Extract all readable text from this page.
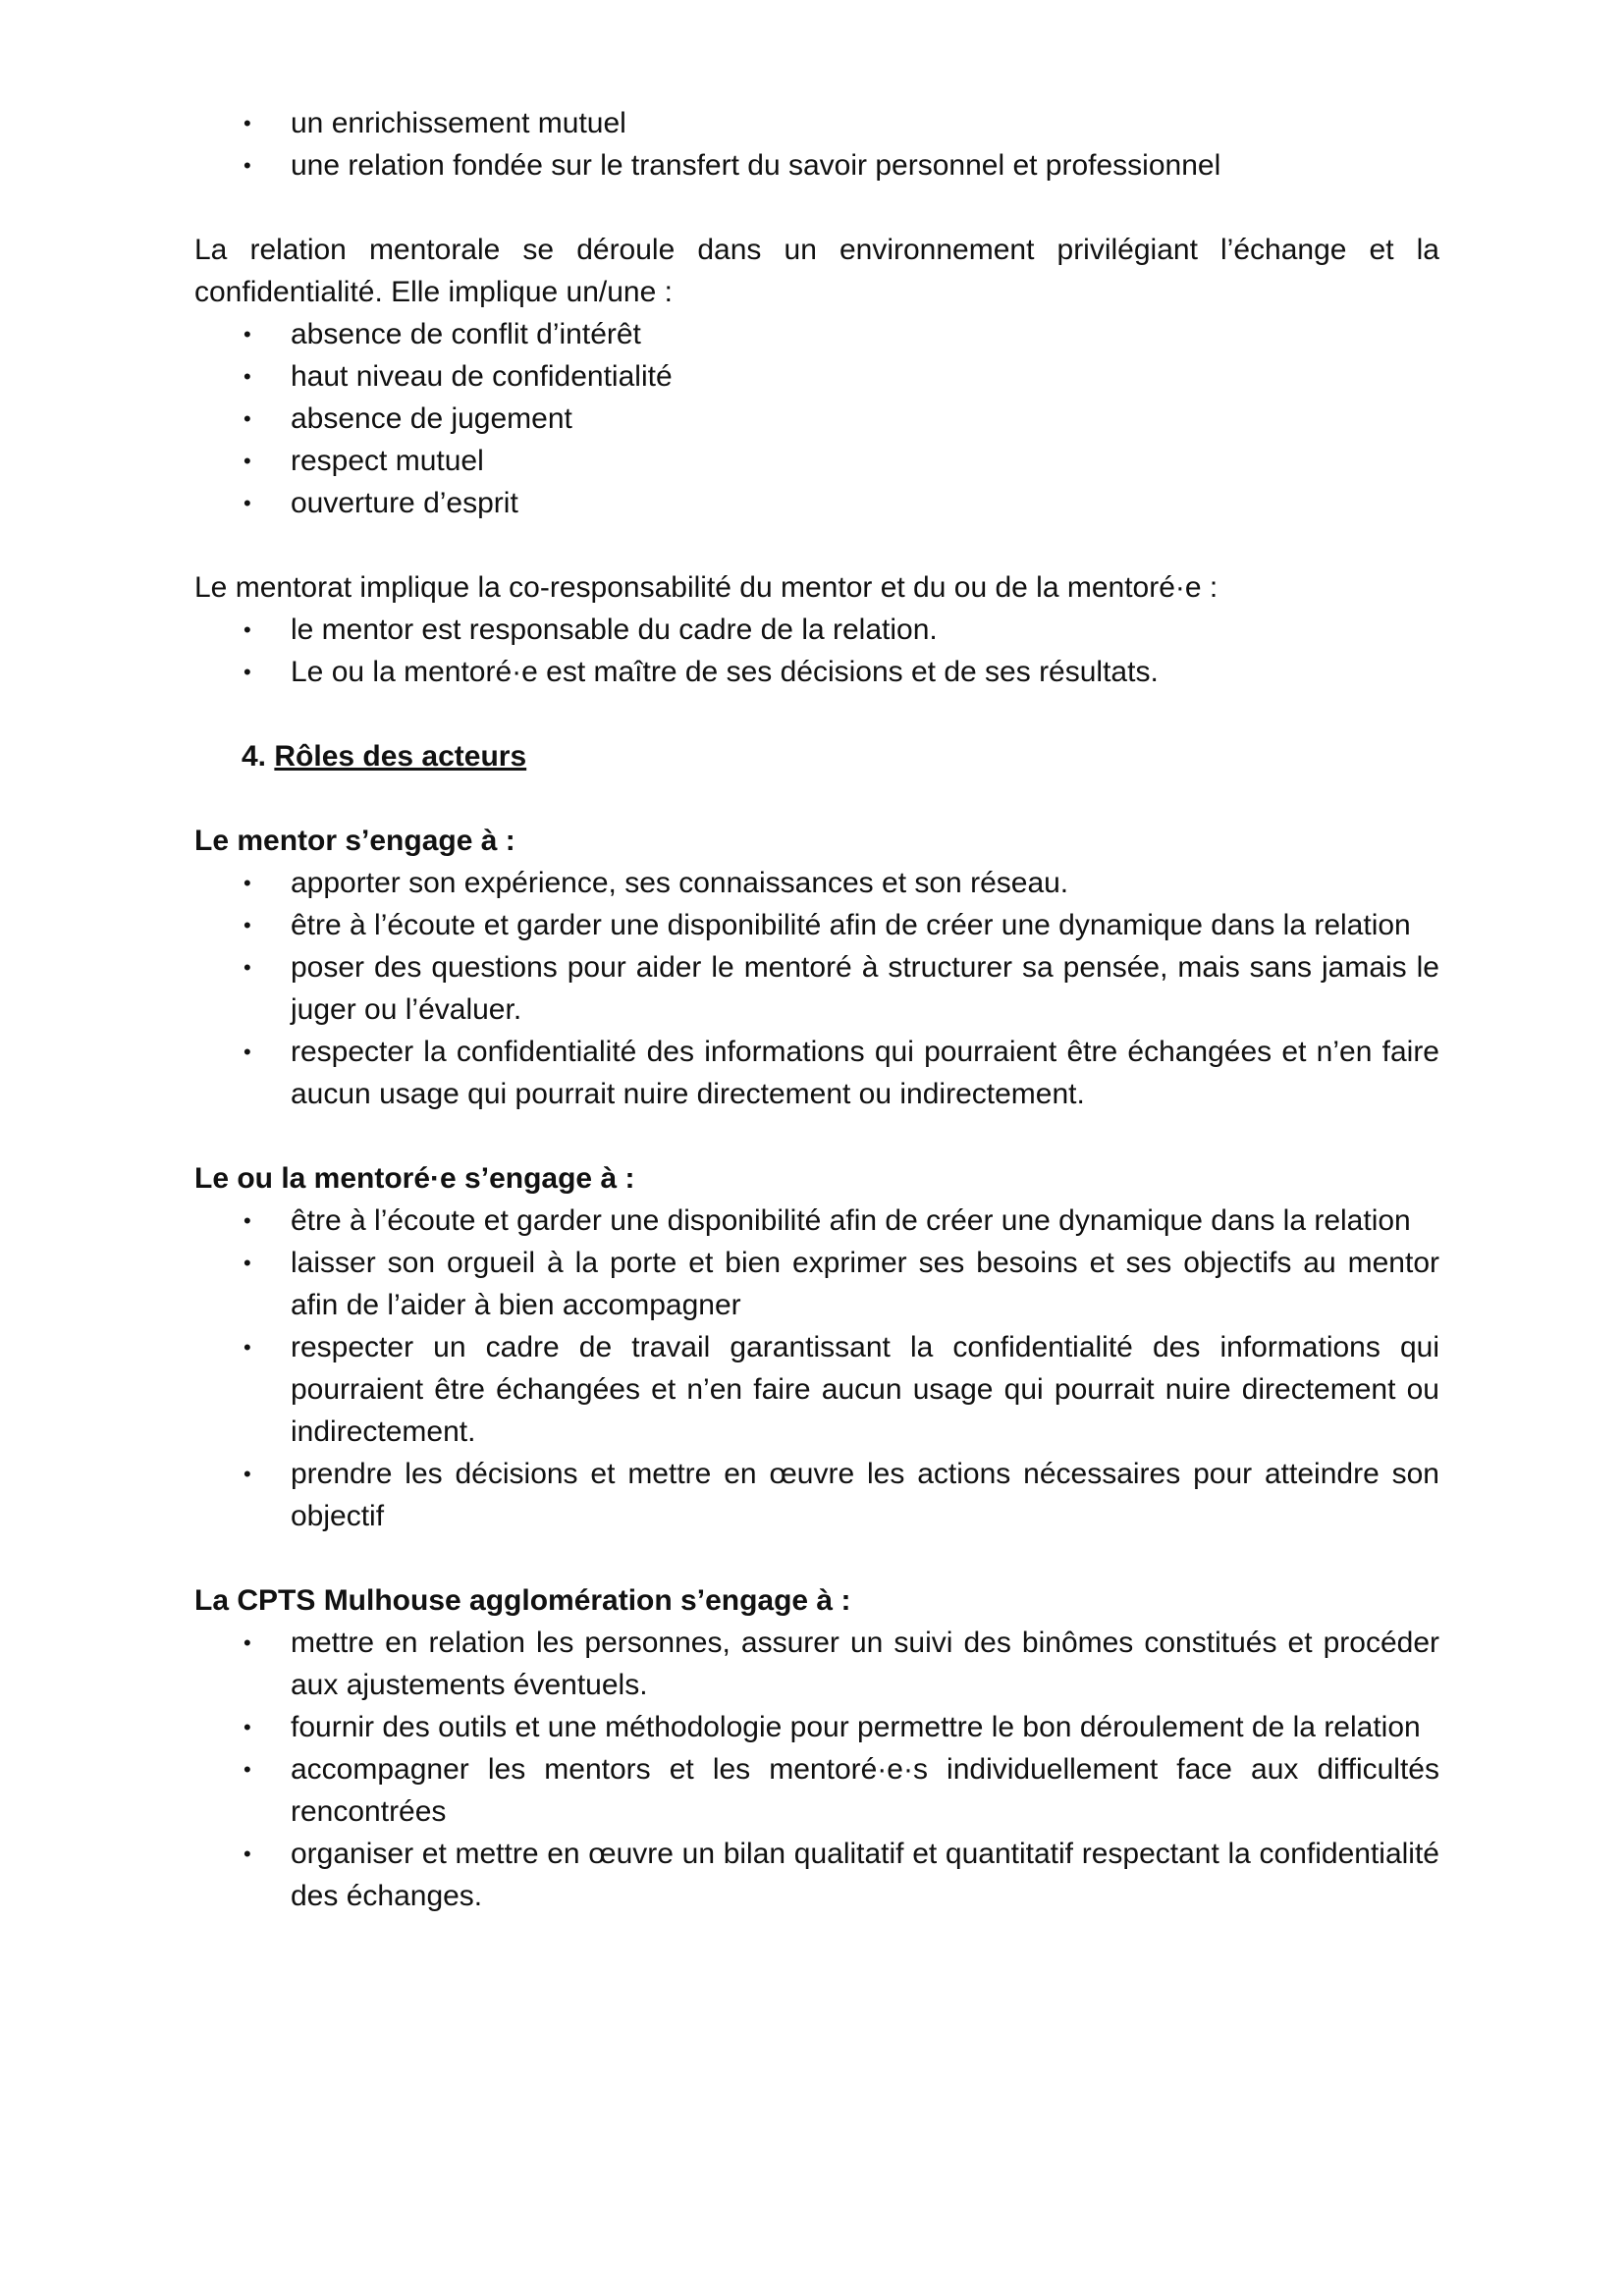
• un enrichissement mutuel
• une relation fondée sur le transfert du savoir personnel et professionnel

La relation mentorale se déroule dans un environnement privilégiant l’échange et la confidentialité. Elle implique un/une :

• absence de conflit d’intérêt
• haut niveau de confidentialité
• absence de jugement
• respect mutuel
• ouverture d’esprit

Le mentorat implique la co-responsabilité du mentor et du ou de la mentoré·e :

• le mentor est responsable du cadre de la relation.
• Le ou la mentoré·e est maître de ses décisions et de ses résultats.

4. Rôles des acteurs

Le mentor s’engage à :

• apporter son expérience, ses connaissances et son réseau.
• être à l’écoute et garder une disponibilité afin de créer une dynamique dans la relation
• poser des questions pour aider le mentoré à structurer sa pensée, mais sans jamais le juger ou l’évaluer.
• respecter la confidentialité des informations qui pourraient être échangées et n’en faire aucun usage qui pourrait nuire directement ou indirectement.

Le ou la mentoré·e s’engage à :

• être à l’écoute et garder une disponibilité afin de créer une dynamique dans la relation
• laisser son orgueil à la porte et bien exprimer ses besoins et ses objectifs au mentor afin de l’aider à bien accompagner
• respecter un cadre de travail garantissant la confidentialité des informations qui pourraient être échangées et n’en faire aucun usage qui pourrait nuire directement ou indirectement.
• prendre les décisions et mettre en œuvre les actions nécessaires pour atteindre son objectif

La CPTS Mulhouse agglomération s’engage à :

• mettre en relation les personnes, assurer un suivi des binômes constitués et procéder aux ajustements éventuels.
• fournir des outils et une méthodologie pour permettre le bon déroulement de la relation
• accompagner les mentors et les mentoré·e·s individuellement face aux difficultés rencontrées
• organiser et mettre en œuvre un bilan qualitatif et quantitatif respectant la confidentialité des échanges.
